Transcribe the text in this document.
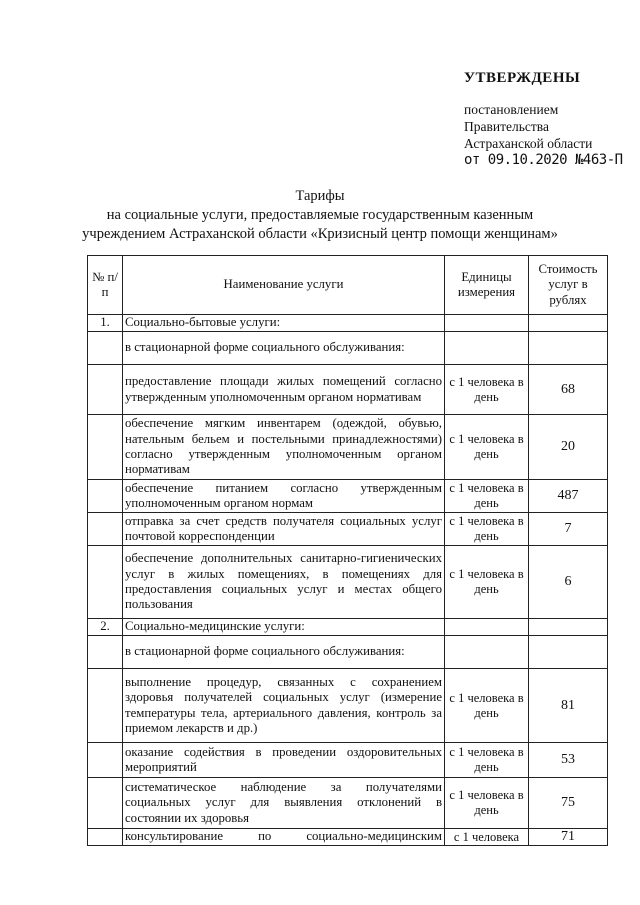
УТВЕРЖДЕНЫ
постановлением
Правительства
Астраханской области
от 09.10.2020 №463-П
Тарифы
на социальные услуги, предоставляемые государственным казенным
учреждением Астраханской области «Кризисный центр помощи женщинам»
№ п/п	Наименование услуги	Единицы измерения	Стоимость услуг в рублях
1.	Социально-бытовые услуги:		
	в стационарной форме социального обслуживания:		
	предоставление площади жилых помещений согласно утвержденным уполномоченным органом нормативам	с 1 человека в день	68
	обеспечение мягким инвентарем (одеждой, обувью, нательным бельем и постельными принадлежностями) согласно утвержденным уполномоченным органом нормативам	с 1 человека в день	20
	обеспечение питанием согласно утвержденным уполномоченным органом нормам	с 1 человека в день	487
	отправка за счет средств получателя социальных услуг почтовой корреспонденции	с 1 человека в день	7
	обеспечение дополнительных санитарно-гигиенических услуг в жилых помещениях, в помещениях для предоставления социальных услуг и местах общего пользования	с 1 человека в день	6
2.	Социально-медицинские услуги:		
	в стационарной форме социального обслуживания:		
	выполнение процедур, связанных с сохранением здоровья получателей социальных услуг (измерение температуры тела, артериального давления, контроль за приемом лекарств и др.)	с 1 человека в день	81
	оказание содействия в проведении оздоровительных мероприятий	с 1 человека в день	53
	систематическое наблюдение за получателями социальных услуг для выявления отклонений в состоянии их здоровья	с 1 человека в день	75
	консультирование по социально-медицинским	с 1 человека	71
